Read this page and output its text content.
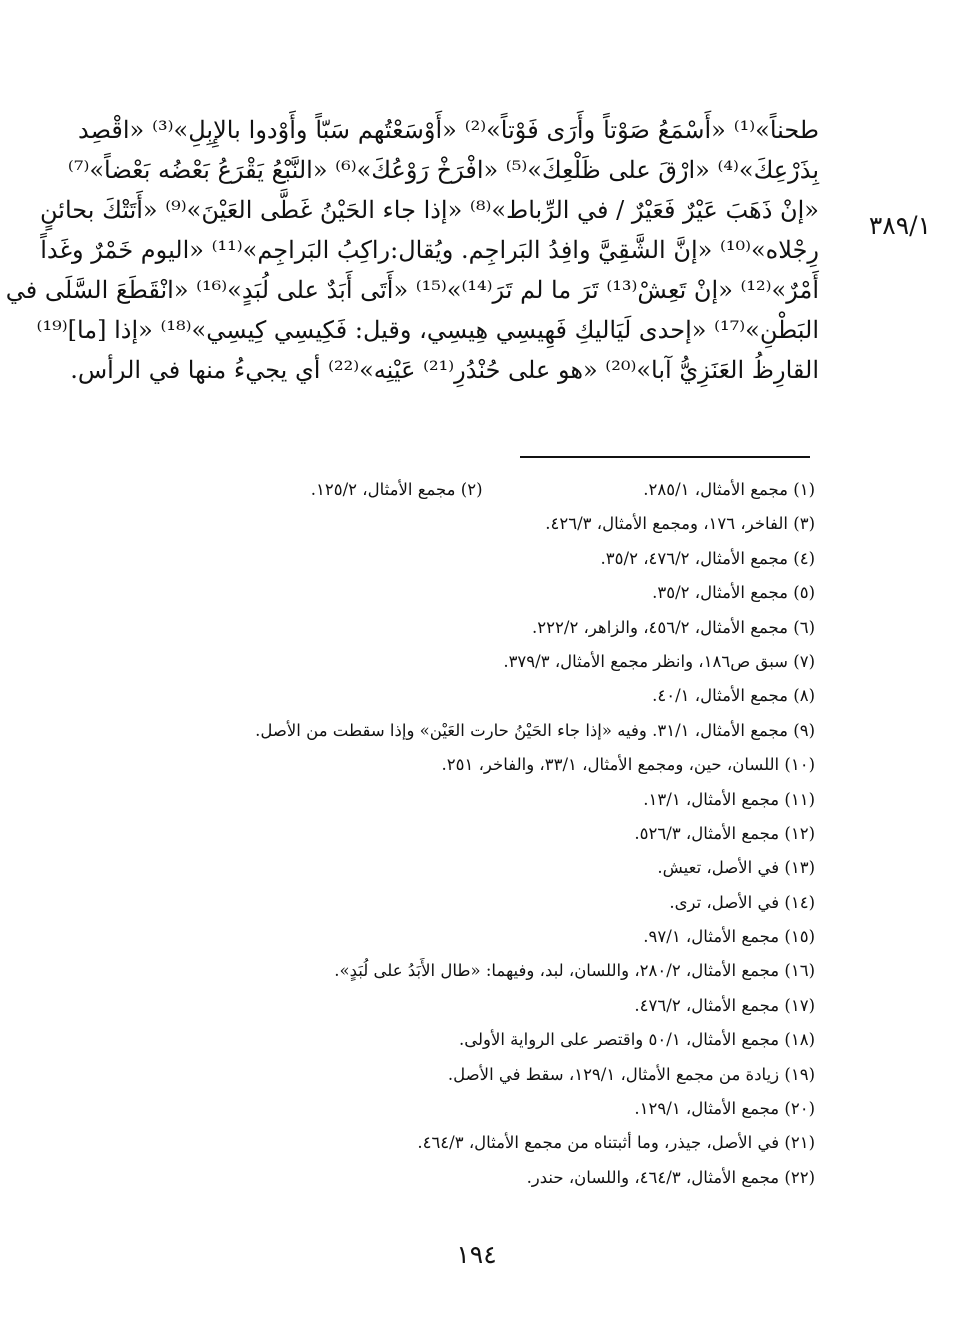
٣٨٩/١
طحناً»⁽¹⁾ «أَسْمَعُ صَوْتاً وأَرَى فَوْتاً»⁽²⁾ «أَوْسَعْتُهم سَبّاً وأَوْدوا بالإِبِلِ»⁽³⁾ «اقْصِد
بِذَرْعِكَ»⁽⁴⁾ «ارْقَ على ظَلْعِكَ»⁽⁵⁾ «افْرَخْ رَوْعُكَ»⁽⁶⁾ «النَّبْعُ يَقْرَعُ بَعْضُه بَعْضاً»⁽⁷⁾
«إنْ ذَهَبَ عَيْرٌ فَعَيْرٌ / في الرِّباط»⁽⁸⁾ «إذا جاء الحَيْنُ غَطَّى العَيْنَ»⁽⁹⁾ «أَتَتْكَ بحائنٍ
رِجْلاه»⁽¹⁰⁾ «إنَّ الشَّقِيَّ وافِدُ البَراجِم. ويُقال:راكِبُ البَراجِم»⁽¹¹⁾ «اليوم خَمْرٌ وغَداً
أَمْرٌ»⁽¹²⁾ «إنْ تَعِشْ⁽¹³⁾ تَرَ ما لم تَرَ⁽¹⁴⁾»⁽¹⁵⁾ «أَتَى أَبَدٌ على لُبَدٍ»⁽¹⁶⁾ «انْقَطَعَ السَّلَى في
البَطْنِ»⁽¹⁷⁾ «إحدى لَيَاليكِ فَهِيسِي هِيسِي، وقيل: فَكِيسِي كِيسِي»⁽¹⁸⁾ «إذا [ما]⁽¹⁹⁾
القارِظُ العَنَزِيُّ آبا»⁽²⁰⁾ «هو على حُنْدُرِ⁽²¹⁾ عَيْنِه»⁽²²⁾ أي يجيءُ منها في الرأس.
(١) مجمع الأمثال، ٢٨٥/١.
(٢) مجمع الأمثال، ١٢٥/٢.
(٣) الفاخر، ١٧٦، ومجمع الأمثال، ٤٢٦/٣.
(٤) مجمع الأمثال، ٤٧٦/٢، ٣٥/٢.
(٥) مجمع الأمثال، ٣٥/٢.
(٦) مجمع الأمثال، ٤٥٦/٢، والزاهر، ٢٢٢/٢.
(٧) سبق ص١٨٦، وانظر مجمع الأمثال، ٣٧٩/٣.
(٨) مجمع الأمثال، ٤٠/١.
(٩) مجمع الأمثال، ٣١/١. وفيه «إذا جاء الحَيْنُ حارت العَيْن» وإذا سقطت من الأصل.
(١٠) اللسان، حين، ومجمع الأمثال، ٣٣/١، والفاخر، ٢٥١.
(١١) مجمع الأمثال، ١٣/١.
(١٢) مجمع الأمثال، ٥٢٦/٣.
(١٣) في الأصل، تعيش.
(١٤) في الأصل، ترى.
(١٥) مجمع الأمثال، ٩٧/١.
(١٦) مجمع الأمثال، ٢٨٠/٢، واللسان، لبد، وفيهما: «طال الأَبَدُ على لُبَدٍ».
(١٧) مجمع الأمثال، ٤٧٦/٢.
(١٨) مجمع الأمثال، ٥٠/١ واقتصر على الرواية الأولى.
(١٩) زيادة من مجمع الأمثال، ١٢٩/١، سقط في الأصل.
(٢٠) مجمع الأمثال، ١٢٩/١.
(٢١) في الأصل، جيذر، وما أثبتناه من مجمع الأمثال، ٤٦٤/٣.
(٢٢) مجمع الأمثال، ٤٦٤/٣، واللسان، حندر.
١٩٤
